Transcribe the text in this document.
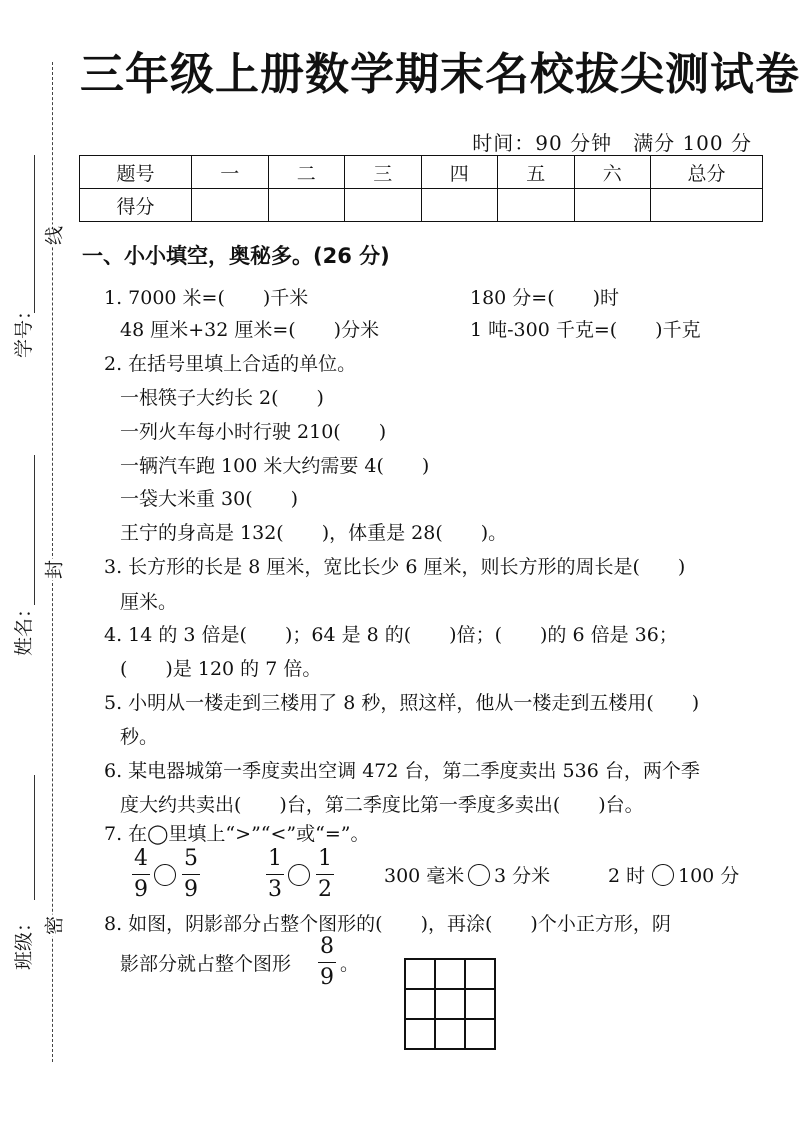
学号：
姓名：
班级：
线
封
密
三年级上册数学期末名校拔尖测试卷
时间：90 分钟　满分 100 分
题号	一	二	三	四	五	六	总分
得分							
一、小小填空，奥秘多。(26 分)
1. 7000 米=(　　)千米	180 分=(　　)时
48 厘米+32 厘米=(　　)分米	1 吨-300 千克=(　　)千克
2. 在括号里填上合适的单位。
一根筷子大约长 2(　　)
一列火车每小时行驶 210(　　)
一辆汽车跑 100 米大约需要 4(　　)
一袋大米重 30(　　)
王宁的身高是 132(　　)，体重是 28(　　)。
3. 长方形的长是 8 厘米，宽比长少 6 厘米，则长方形的周长是(　　)
厘米。
4. 14 的 3 倍是(　　)；64 是 8 的(　　)倍；(　　)的 6 倍是 36；
(　　)是 120 的 7 倍。
5. 小明从一楼走到三楼用了 8 秒，照这样，他从一楼走到五楼用(　　)
秒。
6. 某电器城第一季度卖出空调 472 台，第二季度卖出 536 台，两个季
度大约共卖出(　　)台，第二季度比第一季度多卖出(　　)台。
7. 在◯里填上“>”“<”或“=”。
4
9
5
9
1
3
1
2
300 毫米 3 分米	2 时 100 分
8. 如图，阴影部分占整个图形的(　　)，再涂(　　)个小正方形，阴
影部分就占整个图形
8
9
。
